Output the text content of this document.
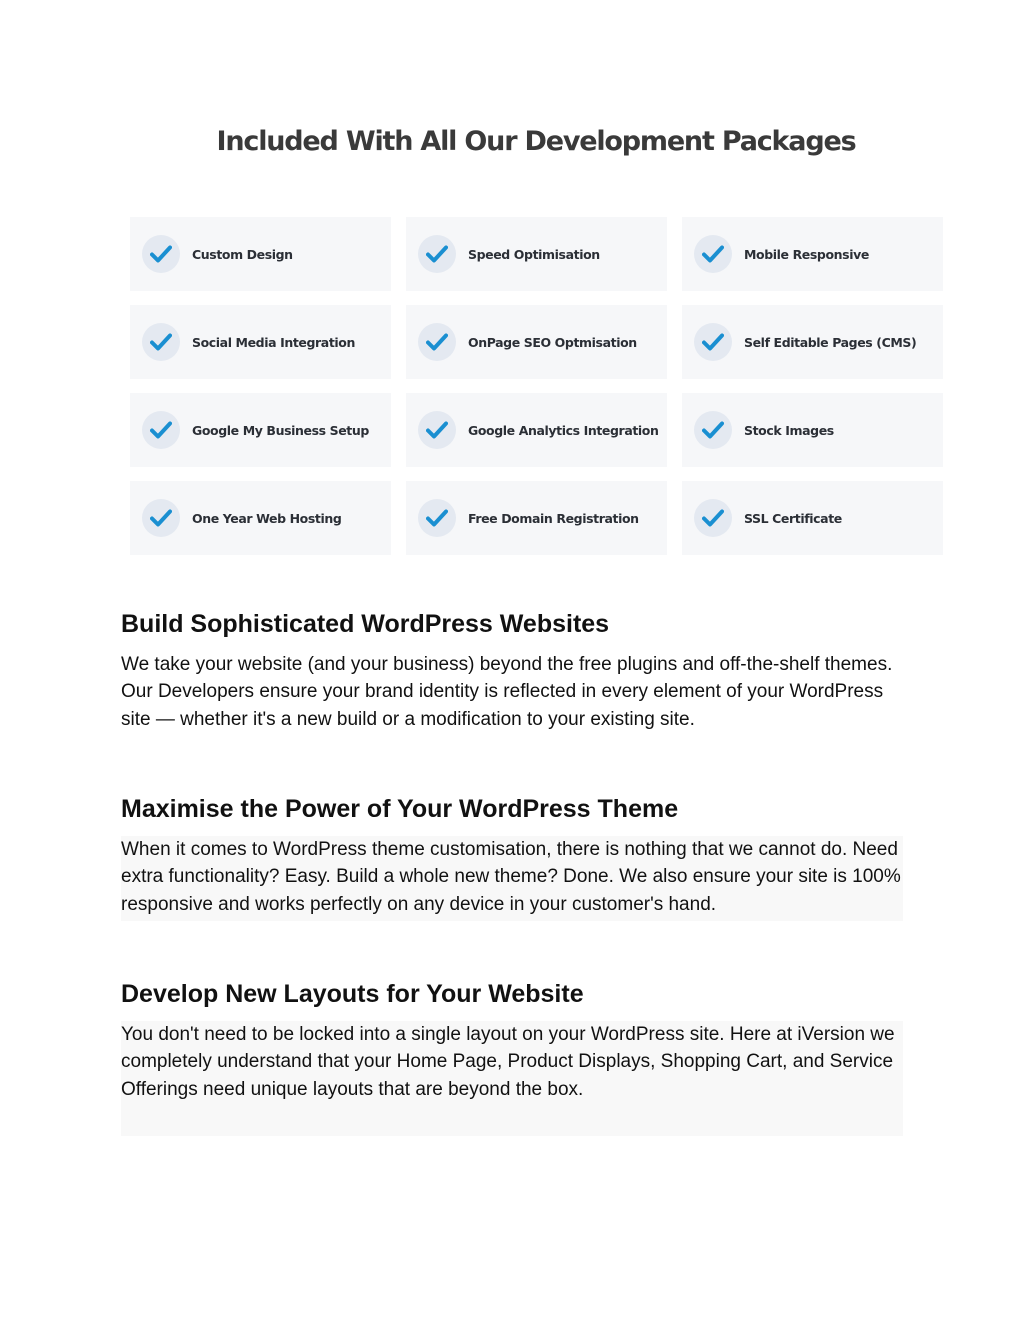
Included With All Our Development Packages
Custom Design	Speed Optimisation	Mobile Responsive
Social Media Integration	OnPage SEO Optmisation	Self Editable Pages (CMS)
Google My Business Setup	Google Analytics Integration	Stock Images
One Year Web Hosting	Free Domain Registration	SSL Certificate
Build Sophisticated WordPress Websites

We take your website (and your business) beyond the free plugins and off-the-shelf themes. Our Developers ensure your brand identity is reflected in every element of your WordPress site — whether it's a new build or a modification to your existing site.

Maximise the Power of Your WordPress Theme

When it comes to WordPress theme customisation, there is nothing that we cannot do. Need extra functionality? Easy. Build a whole new theme? Done. We also ensure your site is 100% responsive and works perfectly on any device in your customer's hand.

Develop New Layouts for Your Website

You don't need to be locked into a single layout on your WordPress site. Here at iVersion we completely understand that your Home Page, Product Displays, Shopping Cart, and Service Offerings need unique layouts that are beyond the box.
